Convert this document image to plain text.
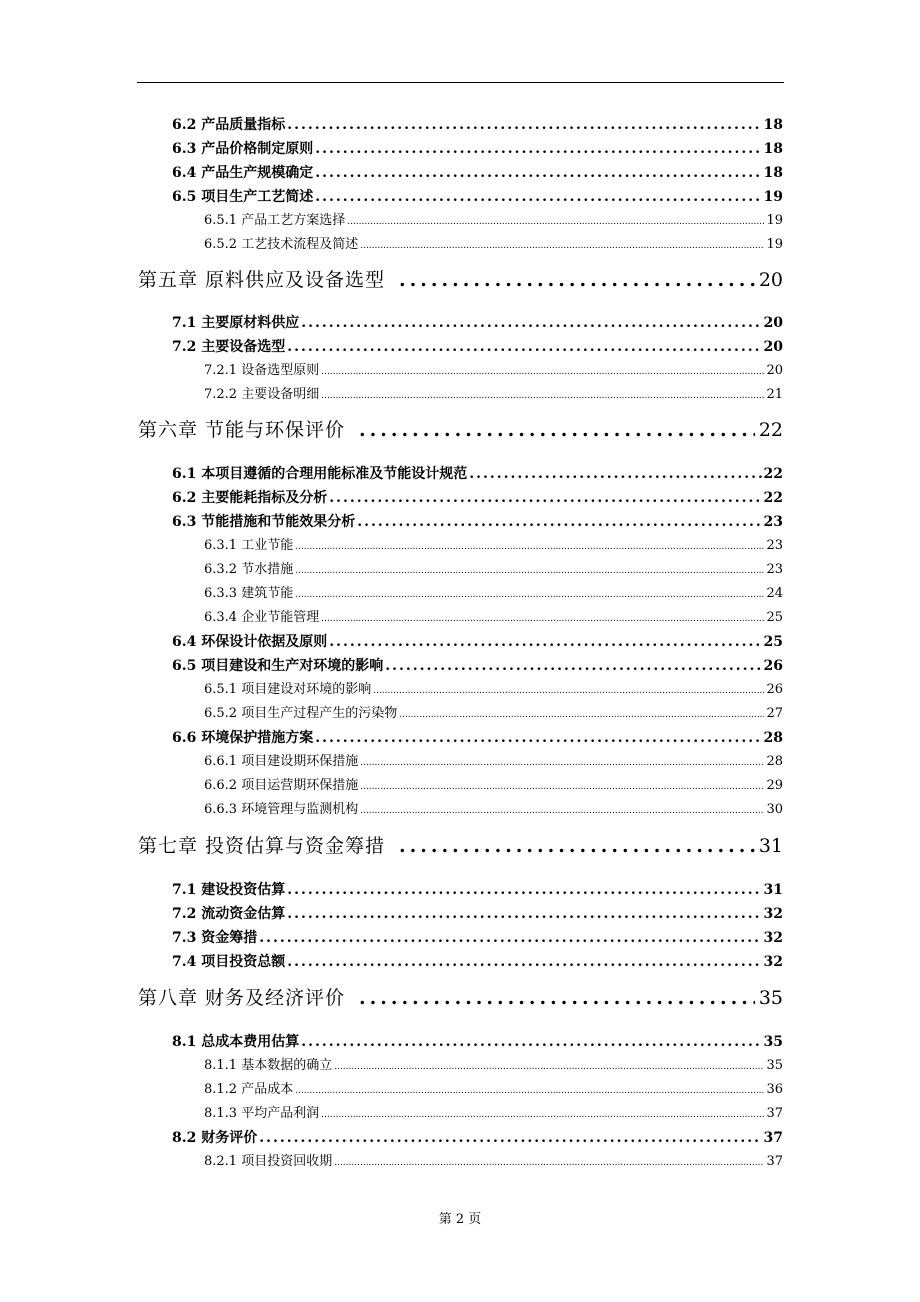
6.2 产品质量指标 .....	18
6.3 产品价格制定原则 .....	18
6.4 产品生产规模确定 .....	18
6.5 项目生产工艺简述 .....	19
6.5.1 产品工艺方案选择 .....	19
6.5.2 工艺技术流程及简述 .....	19
第五章 原料供应及设备选型 .....	20
7.1 主要原材料供应 .....	20
7.2 主要设备选型 .....	20
7.2.1 设备选型原则 .....	20
7.2.2 主要设备明细 .....	21
第六章 节能与环保评价 .....	22
6.1 本项目遵循的合理用能标准及节能设计规范 .....	22
6.2 主要能耗指标及分析 .....	22
6.3 节能措施和节能效果分析 .....	23
6.3.1 工业节能 .....	23
6.3.2 节水措施 .....	23
6.3.3 建筑节能 .....	24
6.3.4 企业节能管理 .....	25
6.4 环保设计依据及原则 .....	25
6.5 项目建设和生产对环境的影响 .....	26
6.5.1 项目建设对环境的影响 .....	26
6.5.2 项目生产过程产生的污染物 .....	27
6.6 环境保护措施方案 .....	28
6.6.1 项目建设期环保措施 .....	28
6.6.2 项目运营期环保措施 .....	29
6.6.3 环境管理与监测机构 .....	30
第七章 投资估算与资金筹措 .....	31
7.1 建设投资估算 .....	31
7.2 流动资金估算 .....	32
7.3 资金筹措 .....	32
7.4 项目投资总额 .....	32
第八章 财务及经济评价 .....	35
8.1 总成本费用估算 .....	35
8.1.1 基本数据的确立 .....	35
8.1.2 产品成本 .....	36
8.1.3 平均产品利润 .....	37
8.2 财务评价 .....	37
8.2.1 项目投资回收期 .....	37
第 2 页
